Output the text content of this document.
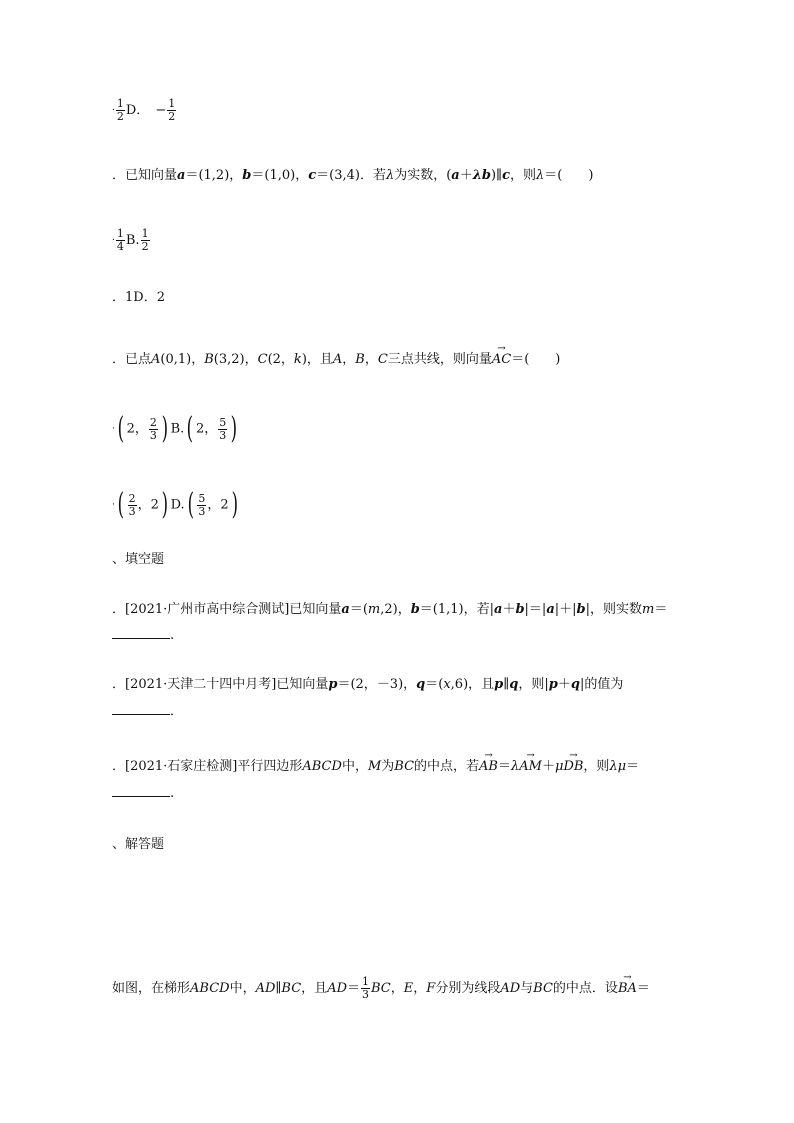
· $\frac{1}{2}$ D． − $\frac{1}{2}$
．已知向量a＝(1,2)，b＝(1,0)，c＝(3,4)．若λ为实数，(a＋λb)∥c，则λ＝(　　)
· $\frac{1}{4} B$. $\frac{1}{2}$
．1D．2
．已点A(0,1)，B(3,2)，C(2，k)，且A，B，C三点共线，则向量→ AC＝(　　)
·( 2， $\frac{2}{3}$ ) B.( 2， $\frac{5}{3}$ )
·( $\frac{2}{3}$ ，2) $D.( \frac{5}{3}$ ，2)
、填空题
．[2021·广州市高中综合测试]已知向量a＝(m,2)，b＝(1,1)，若|a＋b|＝|a|＋|b|，则实数m＝
.
．[2021·天津二十四中月考]已知向量p＝(2，－3)，q＝(x,6)，且p∥q，则|p＋q|的值为
．
．[2021·石家庄检测]平行四边形ABCD中，M为BC的中点，若→ AB＝λ→ AM＋μ→ DB，则λμ＝
.
、解答题
如图，在梯形ABCD中，AD∥BC，且$AD= \frac{1}{3}$ BC，E，F分别为线段AD与BC的中点．设→ BA＝
